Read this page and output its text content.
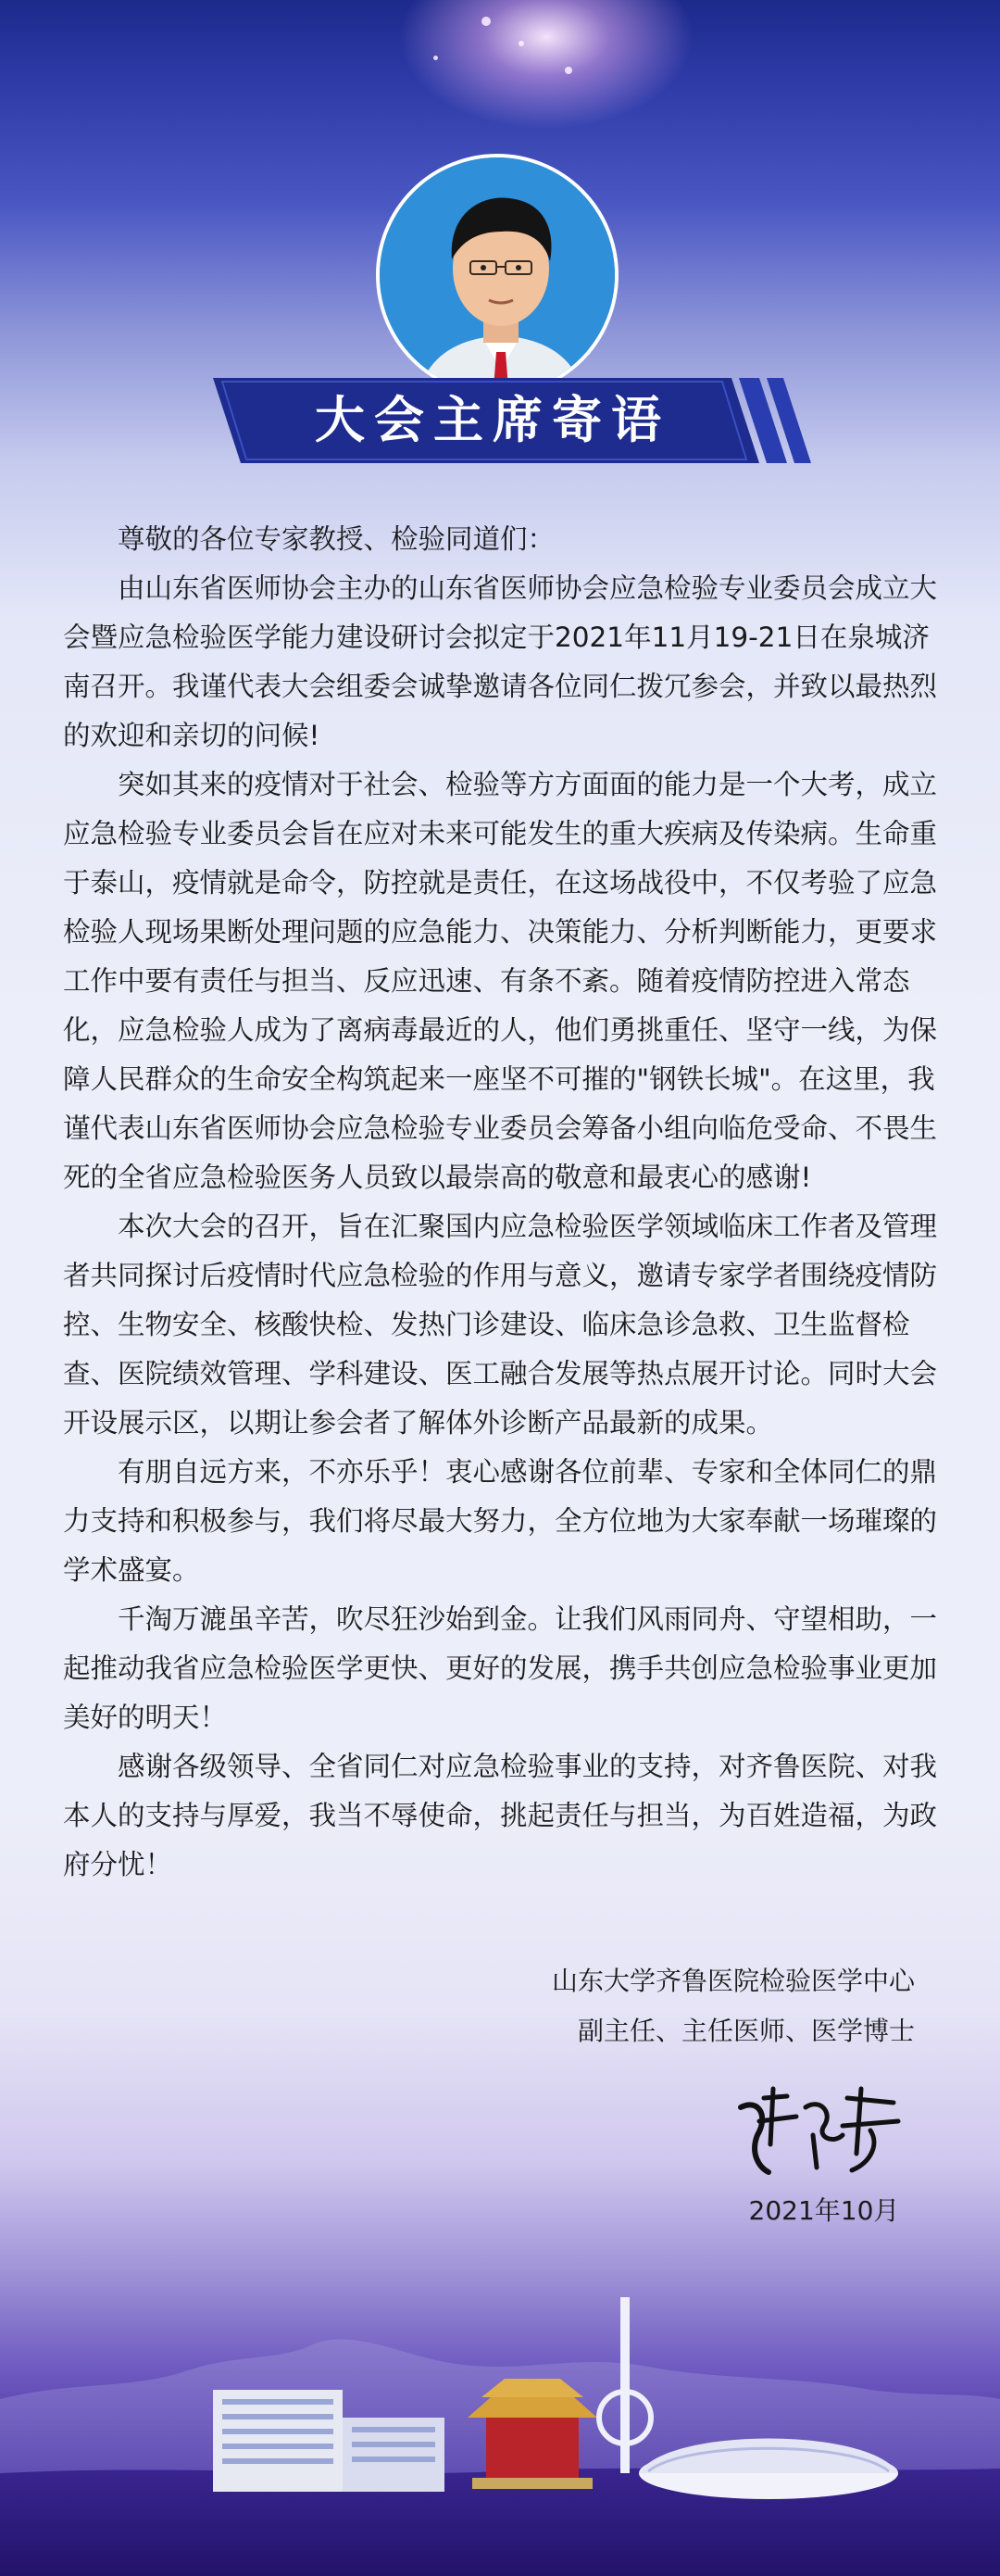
大会主席寄语

尊敬的各位专家教授、检验同道们：

由山东省医师协会主办的山东省医师协会应急检验专业委员会成立大会暨应急检验医学能力建设研讨会拟定于2021年11月19-21日在泉城济南召开。我谨代表大会组委会诚挚邀请各位同仁拨冗参会，并致以最热烈的欢迎和亲切的问候!

突如其来的疫情对于社会、检验等方方面面的能力是一个大考，成立应急检验专业委员会旨在应对未来可能发生的重大疾病及传染病。生命重于泰山，疫情就是命令，防控就是责任，在这场战役中，不仅考验了应急检验人现场果断处理问题的应急能力、决策能力、分析判断能力，更要求工作中要有责任与担当、反应迅速、有条不紊。随着疫情防控进入常态化，应急检验人成为了离病毒最近的人，他们勇挑重任、坚守一线，为保障人民群众的生命安全构筑起来一座坚不可摧的"钢铁长城"。在这里，我谨代表山东省医师协会应急检验专业委员会筹备小组向临危受命、不畏生死的全省应急检验医务人员致以最崇高的敬意和最衷心的感谢!

本次大会的召开，旨在汇聚国内应急检验医学领域临床工作者及管理者共同探讨后疫情时代应急检验的作用与意义，邀请专家学者围绕疫情防控、生物安全、核酸快检、发热门诊建设、临床急诊急救、卫生监督检查、医院绩效管理、学科建设、医工融合发展等热点展开讨论。同时大会开设展示区，以期让参会者了解体外诊断产品最新的成果。

有朋自远方来，不亦乐乎！衷心感谢各位前辈、专家和全体同仁的鼎力支持和积极参与，我们将尽最大努力，全方位地为大家奉献一场璀璨的学术盛宴。

千淘万漉虽辛苦，吹尽狂沙始到金。让我们风雨同舟、守望相助，一起推动我省应急检验医学更快、更好的发展，携手共创应急检验事业更加美好的明天！

感谢各级领导、全省同仁对应急检验事业的支持，对齐鲁医院、对我本人的支持与厚爱，我当不辱使命，挑起责任与担当，为百姓造福，为政府分忧！

山东大学齐鲁医院检验医学中心
副主任、主任医师、医学博士
2021年10月
